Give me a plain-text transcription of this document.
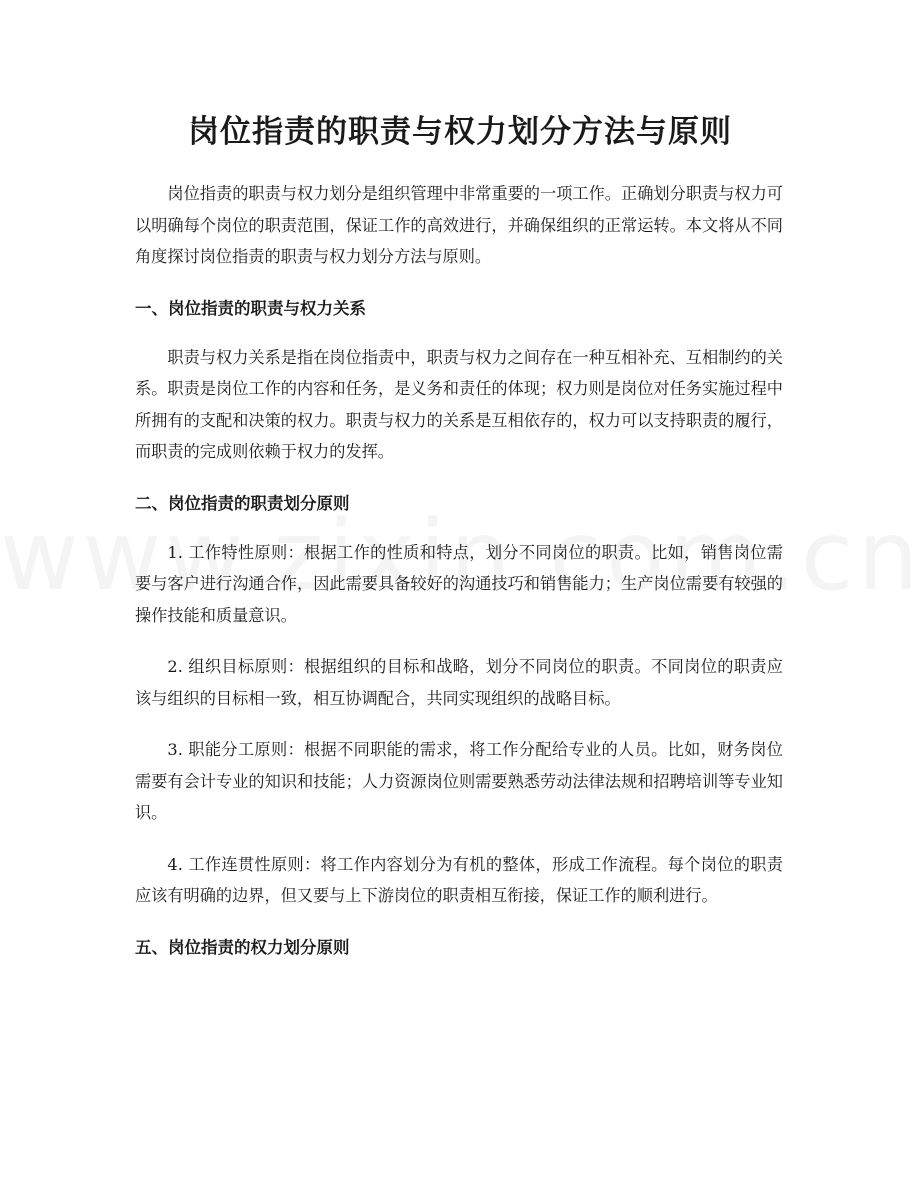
岗位指责的职责与权力划分方法与原则

岗位指责的职责与权力划分是组织管理中非常重要的一项工作。正确划分职责与权力可以明确每个岗位的职责范围，保证工作的高效进行，并确保组织的正常运转。本文将从不同角度探讨岗位指责的职责与权力划分方法与原则。

一、岗位指责的职责与权力关系

职责与权力关系是指在岗位指责中，职责与权力之间存在一种互相补充、互相制约的关系。职责是岗位工作的内容和任务，是义务和责任的体现；权力则是岗位对任务实施过程中所拥有的支配和决策的权力。职责与权力的关系是互相依存的，权力可以支持职责的履行，而职责的完成则依赖于权力的发挥。

二、岗位指责的职责划分原则

1. 工作特性原则：根据工作的性质和特点，划分不同岗位的职责。比如，销售岗位需要与客户进行沟通合作，因此需要具备较好的沟通技巧和销售能力；生产岗位需要有较强的操作技能和质量意识。

2. 组织目标原则：根据组织的目标和战略，划分不同岗位的职责。不同岗位的职责应该与组织的目标相一致，相互协调配合，共同实现组织的战略目标。

3. 职能分工原则：根据不同职能的需求，将工作分配给专业的人员。比如，财务岗位需要有会计专业的知识和技能；人力资源岗位则需要熟悉劳动法律法规和招聘培训等专业知识。

4. 工作连贯性原则：将工作内容划分为有机的整体，形成工作流程。每个岗位的职责应该有明确的边界，但又要与上下游岗位的职责相互衔接，保证工作的顺利进行。

五、岗位指责的权力划分原则
